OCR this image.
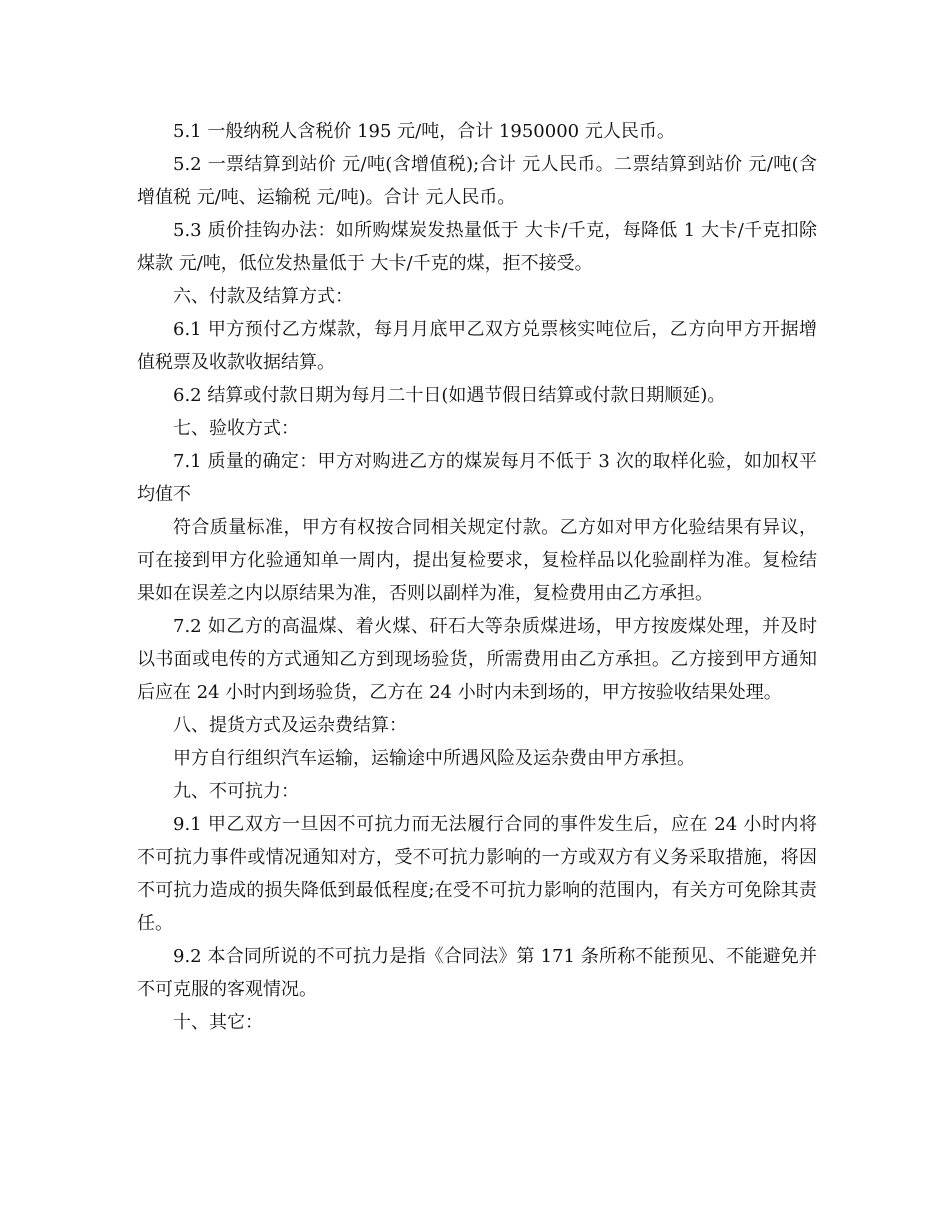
5.1 一般纳税人含税价 195 元/吨，合计 1950000 元人民币。

5.2 一票结算到站价 元/吨(含增值税);合计 元人民币。二票结算到站价 元/吨(含增值税 元/吨、运输税 元/吨)。合计 元人民币。

5.3 质价挂钩办法：如所购煤炭发热量低于 大卡/千克，每降低 1 大卡/千克扣除煤款 元/吨，低位发热量低于 大卡/千克的煤，拒不接受。

六、付款及结算方式：

6.1 甲方预付乙方煤款，每月月底甲乙双方兑票核实吨位后，乙方向甲方开据增值税票及收款收据结算。

6.2 结算或付款日期为每月二十日(如遇节假日结算或付款日期顺延)。

七、验收方式：

7.1 质量的确定：甲方对购进乙方的煤炭每月不低于 3 次的取样化验，如加权平均值不

符合质量标准，甲方有权按合同相关规定付款。乙方如对甲方化验结果有异议，可在接到甲方化验通知单一周内，提出复检要求，复检样品以化验副样为准。复检结果如在误差之内以原结果为准，否则以副样为准，复检费用由乙方承担。

7.2 如乙方的高温煤、着火煤、矸石大等杂质煤进场，甲方按废煤处理，并及时以书面或电传的方式通知乙方到现场验货，所需费用由乙方承担。乙方接到甲方通知后应在 24 小时内到场验货，乙方在 24 小时内未到场的，甲方按验收结果处理。

八、提货方式及运杂费结算：

甲方自行组织汽车运输，运输途中所遇风险及运杂费由甲方承担。

九、不可抗力：

9.1 甲乙双方一旦因不可抗力而无法履行合同的事件发生后，应在 24 小时内将不可抗力事件或情况通知对方，受不可抗力影响的一方或双方有义务采取措施，将因不可抗力造成的损失降低到最低程度;在受不可抗力影响的范围内，有关方可免除其责任。

9.2 本合同所说的不可抗力是指《合同法》第 171 条所称不能预见、不能避免并不可克服的客观情况。

十、其它：
